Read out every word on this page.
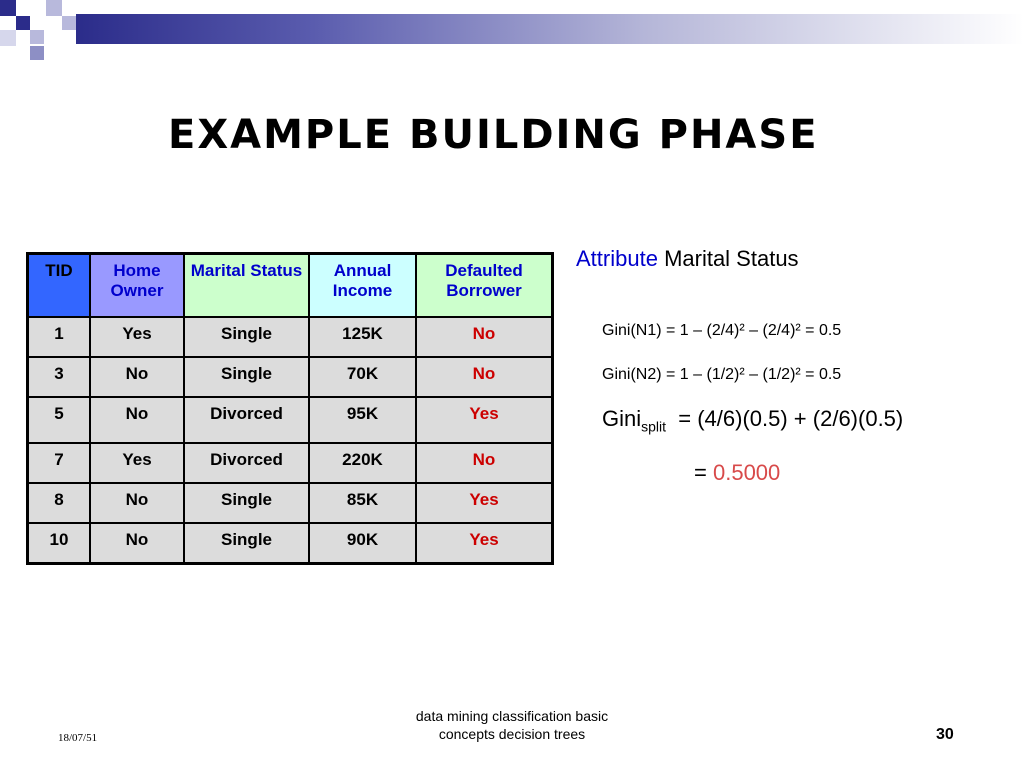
EXAMPLE BUILDING PHASE
TID	Home Owner	Marital Status	Annual Income	Defaulted Borrower
1	Yes	Single	125K	No
3	No	Single	70K	No
5	No	Divorced	95K	Yes
7	Yes	Divorced	220K	No
8	No	Single	85K	Yes
10	No	Single	90K	Yes
Attribute Marital Status
Gini(N1) = 1 – (2/4)² – (2/4)² = 0.5
Gini(N2) = 1 – (1/2)² – (1/2)² = 0.5
Gini$_{split}$ = (4/6)(0.5) + (2/6)(0.5)
= 0.5000
18/07/51
data mining classification basic
concepts decision trees	30
